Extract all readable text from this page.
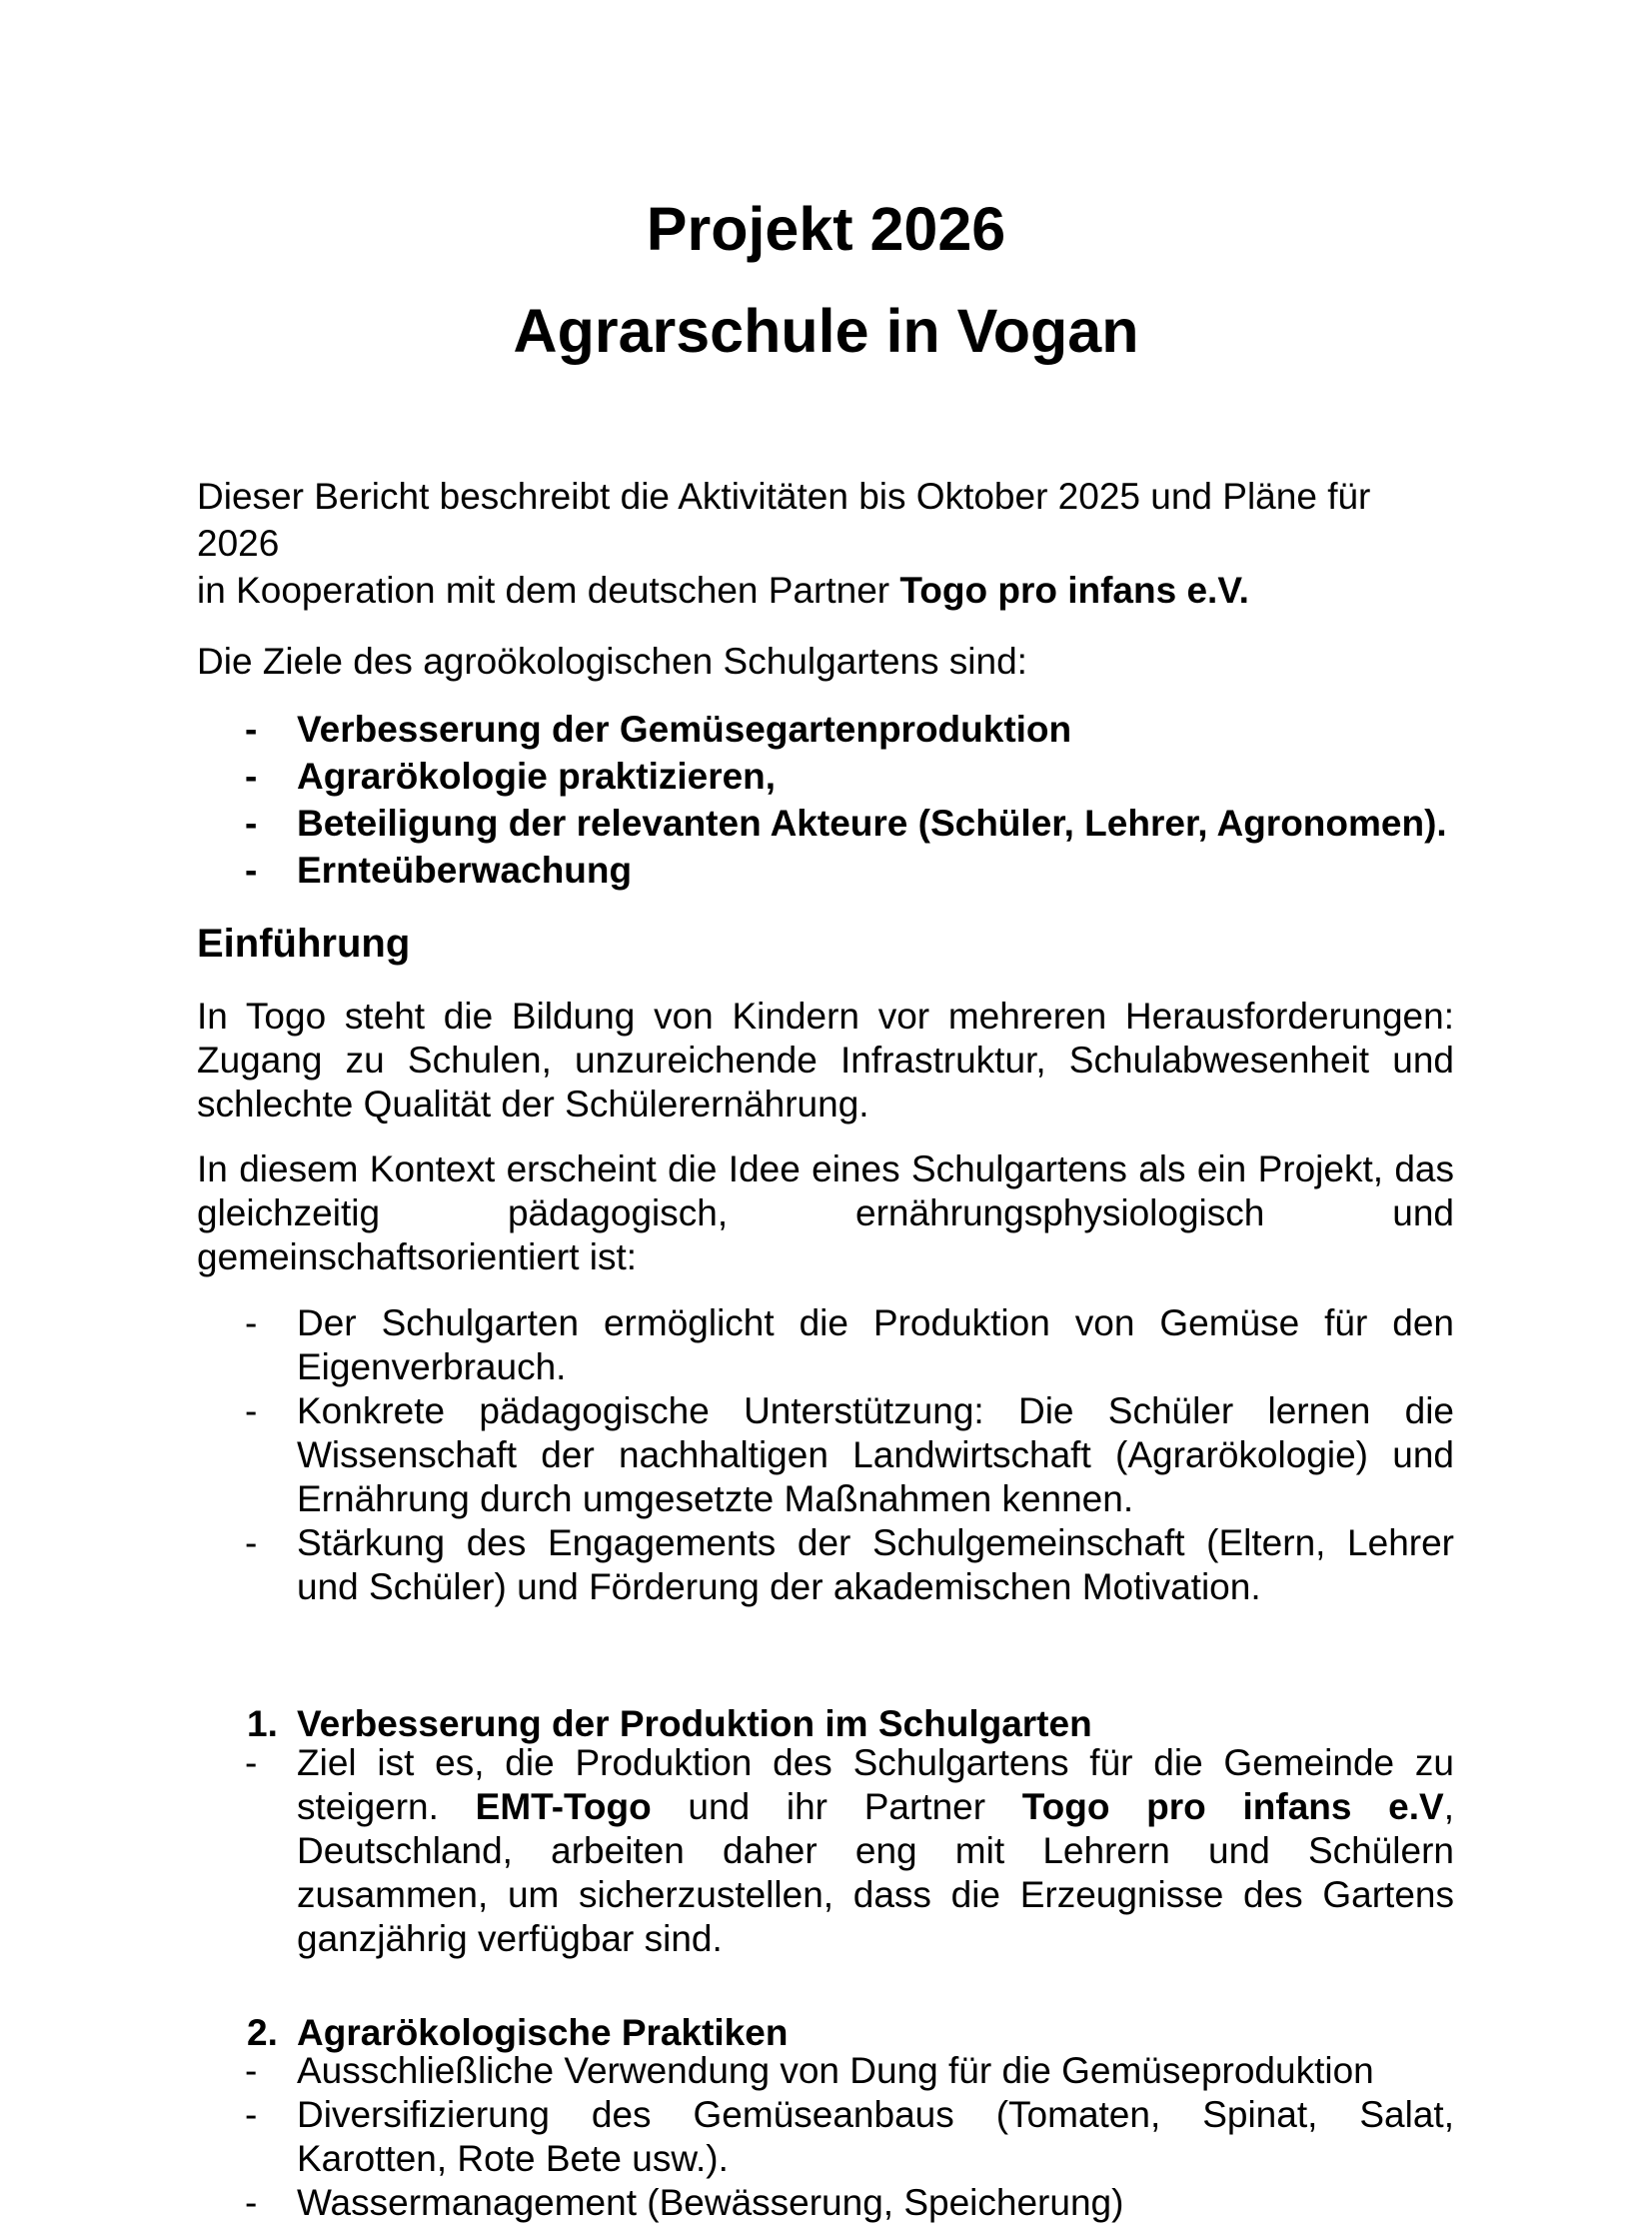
Projekt 2026
Agrarschule in Vogan

Dieser Bericht beschreibt die Aktivitäten bis Oktober 2025 und Pläne für 2026

in Kooperation mit dem deutschen Partner Togo pro infans e.V.

Die Ziele des agroökologischen Schulgartens sind:

- Verbesserung der Gemüsegartenproduktion
- Agrarökologie praktizieren,
- Beteiligung der relevanten Akteure (Schüler, Lehrer, Agronomen).
- Ernteüberwachung
Einführung

In Togo steht die Bildung von Kindern vor mehreren Herausforderungen: Zugang zu Schulen, unzureichende Infrastruktur, Schulabwesenheit und schlechte Qualität der Schülerernährung.

In diesem Kontext erscheint die Idee eines Schulgartens als ein Projekt, das gleichzeitig pädagogisch, ernährungsphysiologisch und gemeinschaftsorientiert ist:

- Der Schulgarten ermöglicht die Produktion von Gemüse für den Eigenverbrauch.
- Konkrete pädagogische Unterstützung: Die Schüler lernen die Wissenschaft der nachhaltigen Landwirtschaft (Agrarökologie) und Ernährung durch umgesetzte Maßnahmen kennen.
- Stärkung des Engagements der Schulgemeinschaft (Eltern, Lehrer und Schüler) und Förderung der akademischen Motivation.
1. Verbesserung der Produktion im Schulgarten
- Ziel ist es, die Produktion des Schulgartens für die Gemeinde zu steigern. EMT-Togo und ihr Partner Togo pro infans e.V, Deutschland, arbeiten daher eng mit Lehrern und Schülern zusammen, um sicherzustellen, dass die Erzeugnisse des Gartens ganzjährig verfügbar sind.
2. Agrarökologische Praktiken
- Ausschließliche Verwendung von Dung für die Gemüseproduktion
- Diversifizierung des Gemüseanbaus (Tomaten, Spinat, Salat, Karotten, Rote Bete usw.).
- Wassermanagement (Bewässerung, Speicherung)
